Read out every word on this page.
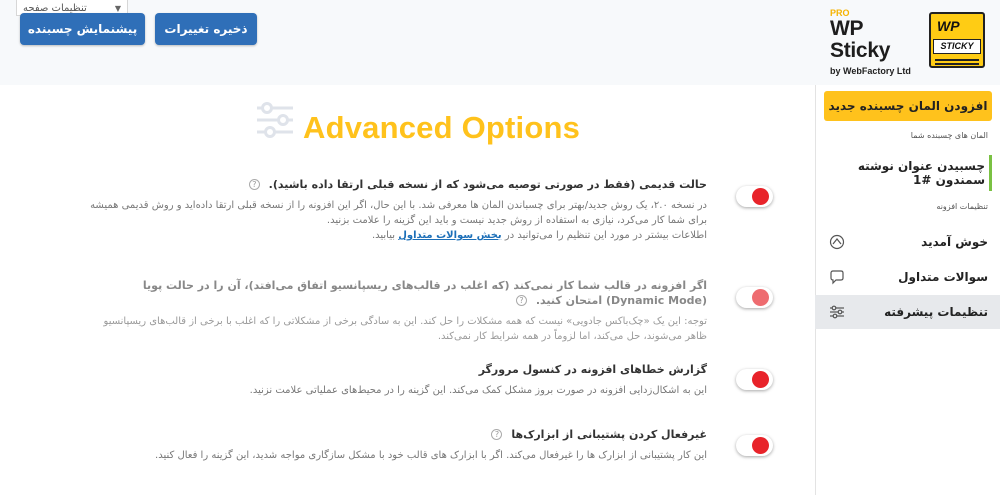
▼
تنظیمات صفحه
پیشنمایش چسبنده	ذخیره تغییرات
PRO
WP Sticky
by WebFactory Ltd
WP
STICKY
افزودن المان چسبنده جدید
المان های چسبنده شما
چسبیدن عنوان نوشته سمندون #1
تنظیمات افزونه
خوش آمدید
سوالات متداول
تنظیمات پیشرفته
Advanced Options
حالت قدیمی (فقط در صورتی توصیه می‌شود که از نسخه قبلی ارتقا داده باشید). ?
در نسخه ۲.۰، یک روش جدید/بهتر برای چسباندن المان ها معرفی شد. با این حال، اگر این افزونه را از نسخه قبلی ارتقا داده‌اید و روش قدیمی همیشه برای شما کار می‌کرد، نیازی به استفاده از روش جدید نیست و باید این گزینه را علامت بزنید.
اطلاعات بیشتر در مورد این تنظیم را می‌توانید در بخش سوالات متداول بیابید.
اگر افزونه در قالب شما کار نمی‌کند (که اغلب در قالب‌های ریسپانسیو اتفاق می‌افتد)، آن را در حالت پویا (Dynamic Mode) امتحان کنید. ?
توجه: این یک «چک‌باکس جادویی» نیست که همه مشکلات را حل کند. این به سادگی برخی از مشکلاتی را که اغلب با برخی از قالب‌های ریسپانسیو ظاهر می‌شوند، حل می‌کند، اما لزوماً در همه شرایط کار نمی‌کند.
گزارش خطاهای افزونه در کنسول مرورگر
این به اشکال‌زدایی افزونه در صورت بروز مشکل کمک می‌کند. این گزینه را در محیط‌های عملیاتی علامت نزنید.
غیرفعال کردن پشتیبانی از ابزارک‌ها ?
این کار پشتیبانی از ابزارک ها را غیرفعال می‌کند. اگر با ابزارک های قالب خود با مشکل سازگاری مواجه شدید، این گزینه را فعال کنید.
